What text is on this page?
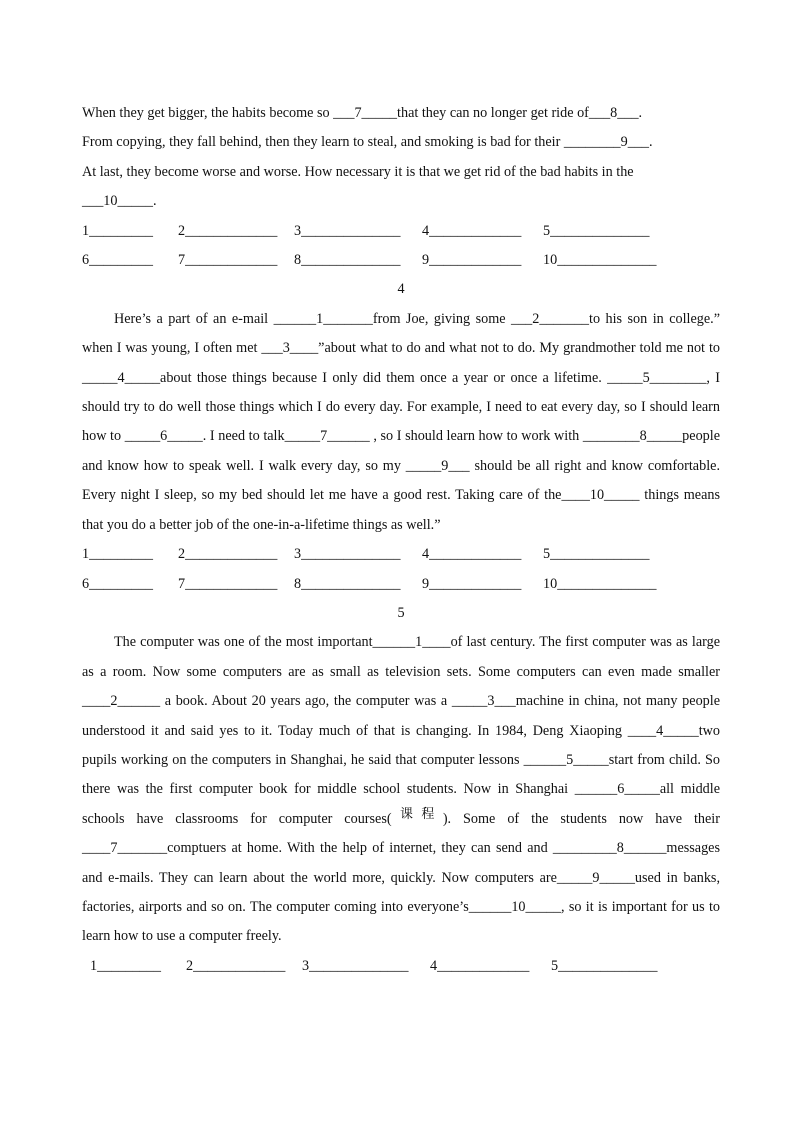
When they get bigger, the habits become so ___7_____that they can no longer get ride of___8___.

From copying, they fall behind, then they learn to steal, and smoking is bad for their ________9___.

At last, they become worse and worse. How necessary it is that we get rid of the bad habits in the

___10_____.

1_________	2_____________	3______________	4_____________	5______________
6_________	7_____________	8______________	9_____________	10______________

4

Here’s a part of an e-mail ______1_______from Joe, giving some ___2_______to his son in college.” when I was young, I often met ___3____”about what to do and what not to do. My grandmother told me not to _____4_____about those things because I only did them once a year or once a lifetime. _____5________, I should try to do well those things which I do every day. For example, I need to eat every day, so I should learn how to _____6_____. I need to talk_____7______ , so I should learn how to work with ________8_____people and know how to speak well. I walk every day, so my _____9___ should be all right and know comfortable. Every night I sleep, so my bed should let me have a good rest. Taking care of the____10_____ things means that you do a better job of the one-in-a-lifetime things as well.”

1_________	2_____________	3______________	4_____________	5______________
6_________	7_____________	8______________	9_____________	10______________

5

The computer was one of the most important______1____of last century. The first computer was as large as a room. Now some computers are as small as television sets. Some computers can even made smaller ____2______ a book. About 20 years ago, the computer was a _____3___machine in china, not many people understood it and said yes to it. Today much of that is changing. In 1984, Deng Xiaoping ____4_____two pupils working on the computers in Shanghai, he said that computer lessons ______5_____start from child. So there was the first computer book for middle school students. Now in Shanghai ______6_____all middle schools have classrooms for computer courses(课程). Some of the students now have their ____7_______comptuers at home. With the help of internet, they can send and _________8______messages and e-mails. They can learn about the world more, quickly. Now computers are_____9_____used in banks, factories, airports and so on. The computer coming into everyone’s______10_____, so it is important for us to learn how to use a computer freely.

1_________	2_____________	3______________	4_____________	5______________
